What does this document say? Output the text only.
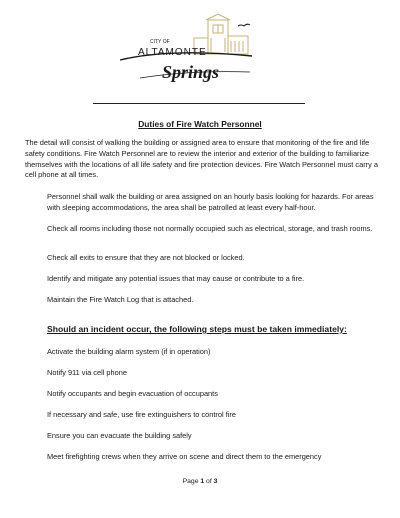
CITY OF
ALTAMONTE
Springs
Duties of Fire Watch Personnel
The detail will consist of walking the building or assigned area to ensure that monitoring of the fire and life safety conditions. Fire Watch Personnel are to review the interior and exterior of the building to familiarize themselves with the locations of all life safety and fire protection devices. Fire Watch Personnel must carry a cell phone at all times.
Personnel shall walk the building or area assigned on an hourly basis looking for hazards. For areas with sleeping accommodations, the area shall be patrolled at least every half-hour.
Check all rooms including those not normally occupied such as electrical, storage, and trash rooms.
Check all exits to ensure that they are not blocked or locked.
Identify and mitigate any potential issues that may cause or contribute to a fire.
Maintain the Fire Watch Log that is attached.
Should an incident occur, the following steps must be taken immediately:
Activate the building alarm system (if in operation)
Notify 911 via cell phone
Notify occupants and begin evacuation of occupants
If necessary and safe, use fire extinguishers to control fire
Ensure you can evacuate the building safely
Meet firefighting crews when they arrive on scene and direct them to the emergency
Page 1 of 3
